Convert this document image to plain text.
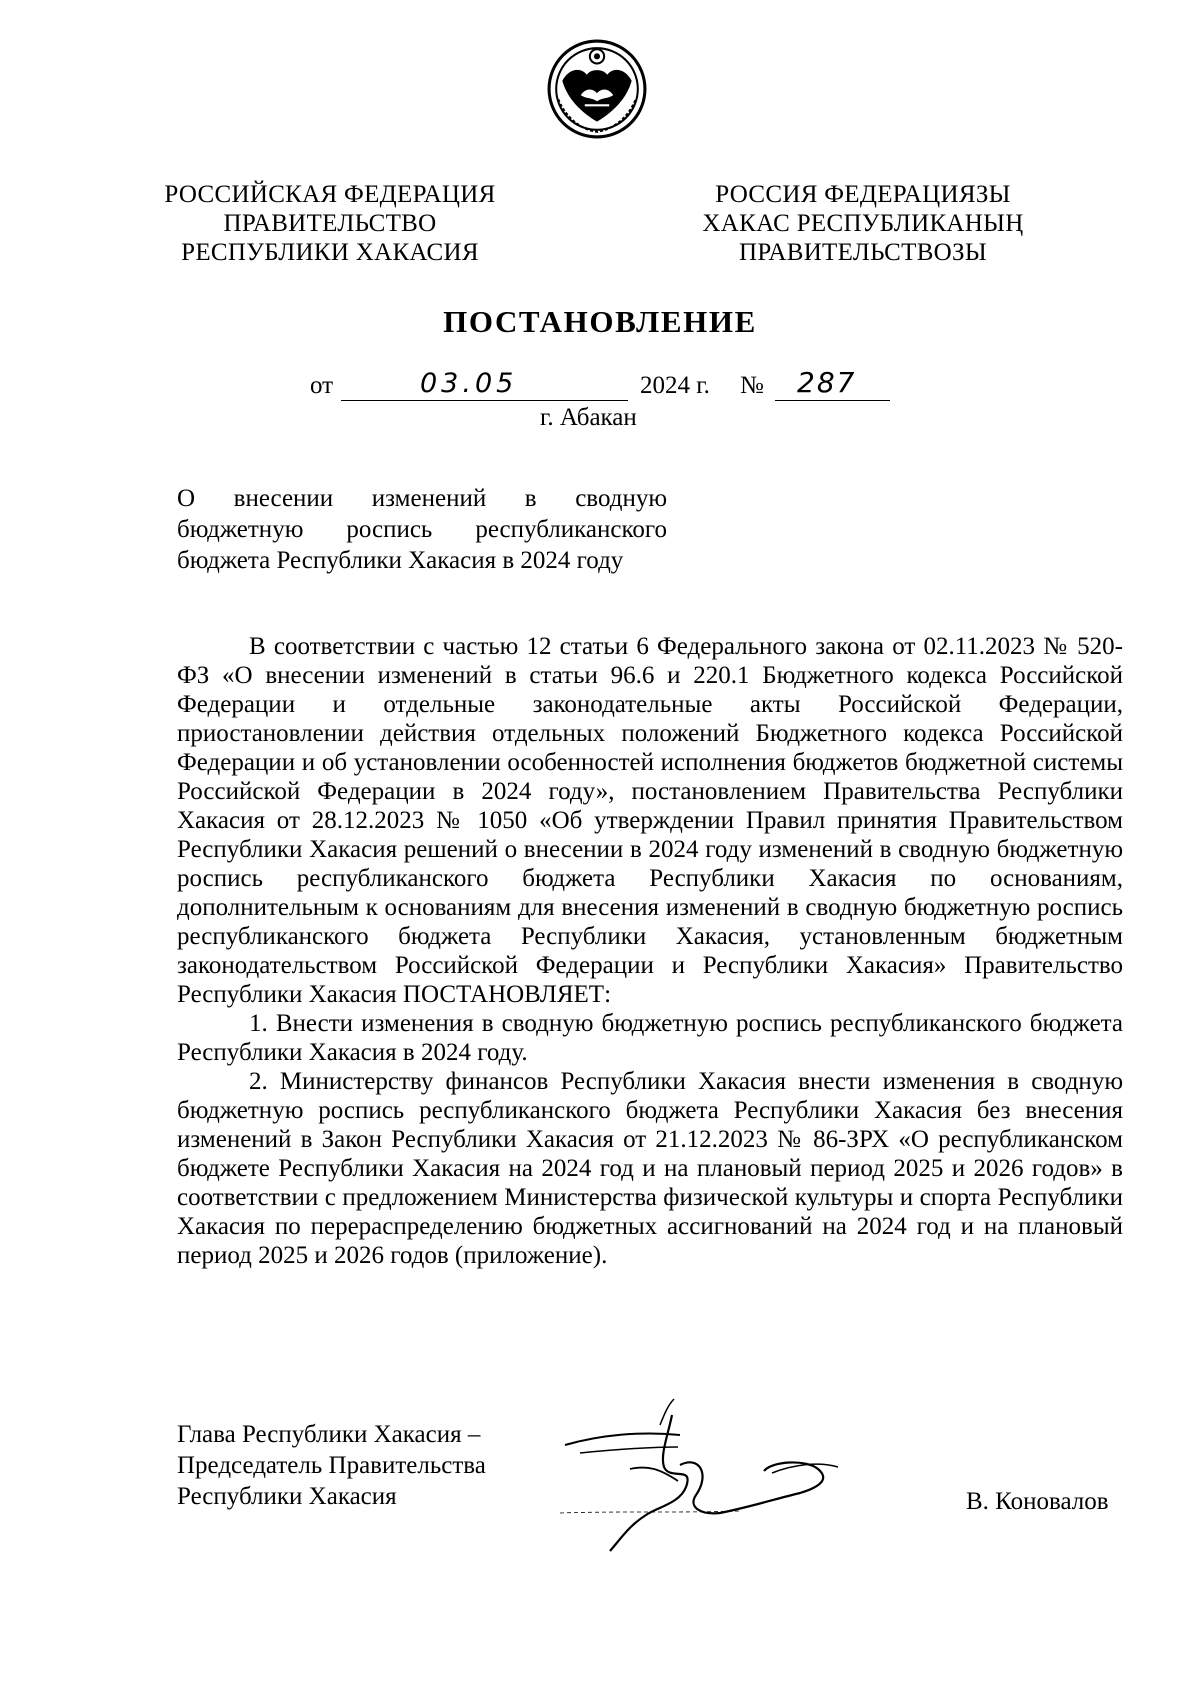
РОССИЙСКАЯ ФЕДЕРАЦИЯ
ПРАВИТЕЛЬСТВО
РЕСПУБЛИКИ ХАКАСИЯ
РОССИЯ ФЕДЕРАЦИЯЗЫ
ХАКАС РЕСПУБЛИКАНЫҢ
ПРАВИТЕЛЬСТВОЗЫ
ПОСТАНОВЛЕНИЕ
от	03.05	2024 г. № 287
г. Абакан
О внесении изменений в сводную
бюджетную роспись республиканского
бюджета Республики Хакасия в 2024 году

В соответствии с частью 12 статьи 6 Федерального закона от 02.11.2023 № 520-ФЗ «О внесении изменений в статьи 96.6 и 220.1 Бюджетного кодекса Российской Федерации и отдельные законодательные акты Российской Федерации, приостановлении действия отдельных положений Бюджетного кодекса Российской Федерации и об установлении особенностей исполнения бюджетов бюджетной системы Российской Федерации в 2024 году», постановлением Правительства Республики Хакасия от 28.12.2023 № 1050 «Об утверждении Правил принятия Правительством Республики Хакасия решений о внесении в 2024 году изменений в сводную бюджетную роспись республиканского бюджета Республики Хакасия по основаниям, дополнительным к основаниям для внесения изменений в сводную бюджетную роспись республиканского бюджета Республики Хакасия, установленным бюджетным законодательством Российской Федерации и Республики Хакасия» Правительство Республики Хакасия ПОСТАНОВЛЯЕТ:

1. Внести изменения в сводную бюджетную роспись республиканского бюджета Республики Хакасия в 2024 году.

2. Министерству финансов Республики Хакасия внести изменения в сводную бюджетную роспись республиканского бюджета Республики Хакасия без внесения изменений в Закон Республики Хакасия от 21.12.2023 № 86-ЗРХ «О республиканском бюджете Республики Хакасия на 2024 год и на плановый период 2025 и 2026 годов» в соответствии с предложением Министерства физической культуры и спорта Республики Хакасия по перераспределению бюджетных ассигнований на 2024 год и на плановый период 2025 и 2026 годов (приложение).

Глава Республики Хакасия –
Председатель Правительства
Республики Хакасия	В. Коновалов
